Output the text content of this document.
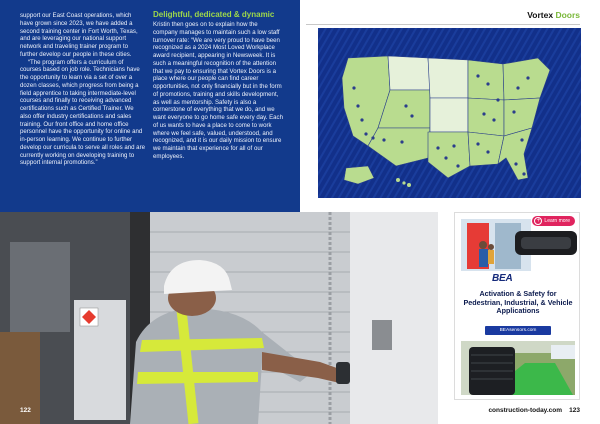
support our East Coast operations, which have grown since 2023, we have added a second training center in Fort Worth, Texas, and are leveraging our national support network and traveling trainer program to further develop our people in these cities.

“The program offers a curriculum of courses based on job role. Technicians have the opportunity to learn via a set of over a dozen classes, which progress from being a field apprentice to taking intermediate-level courses and finally to receiving advanced certifications such as Certified Trainer. We also offer industry certifications and sales training. Our front office and home office personnel have the opportunity for online and in-person learning. We continue to further develop our curricula to serve all roles and are currently working on developing training to support internal promotions.”

Delightful, dedicated & dynamic

Kristin then goes on to explain how the company manages to maintain such a low staff turnover rate: “We are very proud to have been recognized as a 2024 Most Loved Workplace award recipient, appearing in Newsweek. It is such a meaningful recognition of the attention that we pay to ensuring that Vortex Doors is a place where our people can find career opportunities, not only financially but in the form of promotions, training and skills development, as well as mentorship. Safety is also a cornerstone of everything that we do, and we want everyone to go home safe every day. Each of us wants to have a place to come to work where we feel safe, valued, understood, and recognized, and it is our daily mission to ensure we maintain that experience for all of our employees.

Vortex Doors
+ Learn more
BEA
Activation & Safety for Pedestrian, Industrial, & Vehicle Applications
BEAsensors.com
122	construction-today.com 123
